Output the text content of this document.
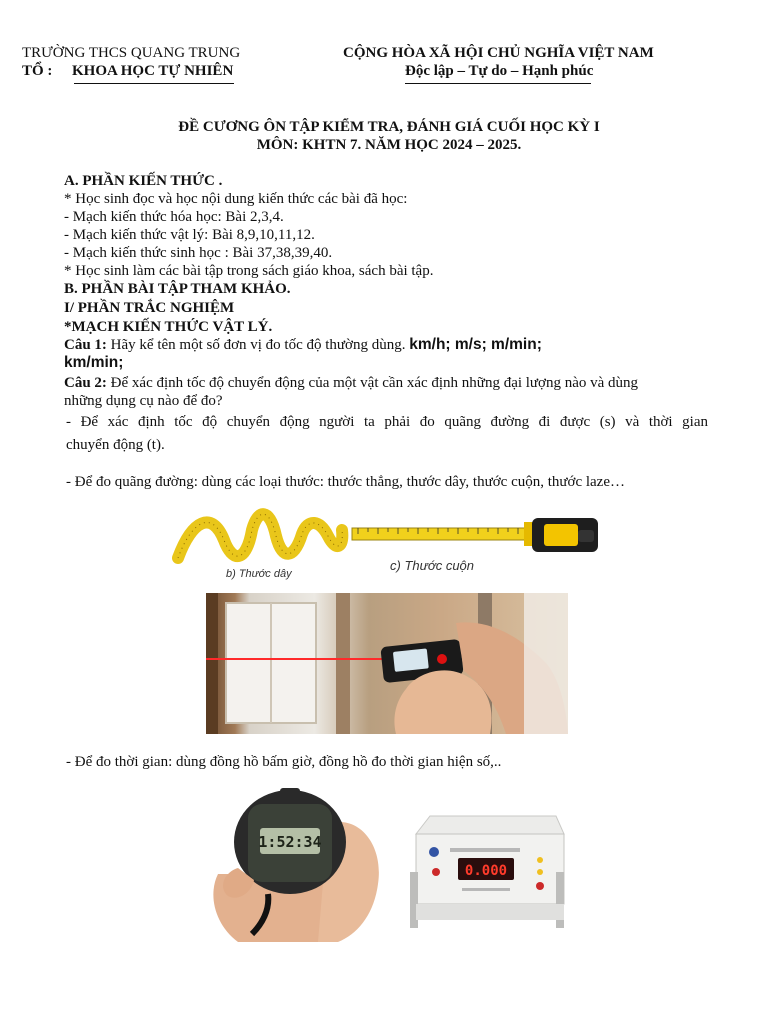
TRƯỜNG THCS QUANG TRUNG
TỔ : KHOA HỌC TỰ NHIÊN
CỘNG HÒA XÃ HỘI CHỦ NGHĨA VIỆT NAM
Độc lập – Tự do – Hạnh phúc
ĐỀ CƯƠNG ÔN TẬP KIỂM TRA, ĐÁNH GIÁ CUỐI HỌC KỲ I
MÔN: KHTN 7. NĂM HỌC 2024 – 2025.
A. PHẦN KIẾN THỨC .
* Học sinh đọc và học nội dung kiến thức các bài đã học:
- Mạch kiến thức hóa học: Bài 2,3,4.
- Mạch kiến thức vật lý: Bài 8,9,10,11,12.
- Mạch kiến thức sinh học : Bài 37,38,39,40.
* Học sinh làm các bài tập trong sách giáo khoa, sách bài tập.
B. PHẦN BÀI TẬP THAM KHẢO.
I/ PHẦN TRẮC NGHIỆM
*MẠCH KIẾN THỨC VẬT LÝ.
Câu 1: Hãy kể tên một số đơn vị đo tốc độ thường dùng. km/h; m/s; m/min;
km/min;
Câu 2: Để xác định tốc độ chuyển động của một vật cần xác định những đại lượng nào và dùng
những dụng cụ nào để đo?
- Để xác định tốc độ chuyển động người ta phải đo quãng đường đi được (s) và thời gian
chuyển động (t).
- Để đo quãng đường: dùng các loại thước: thước thẳng, thước dây, thước cuộn, thước laze…
b) Thước dây
c) Thước cuộn
- Để đo thời gian: dùng đồng hồ bấm giờ, đồng hồ đo thời gian hiện số,..
1:52:34
0.000
